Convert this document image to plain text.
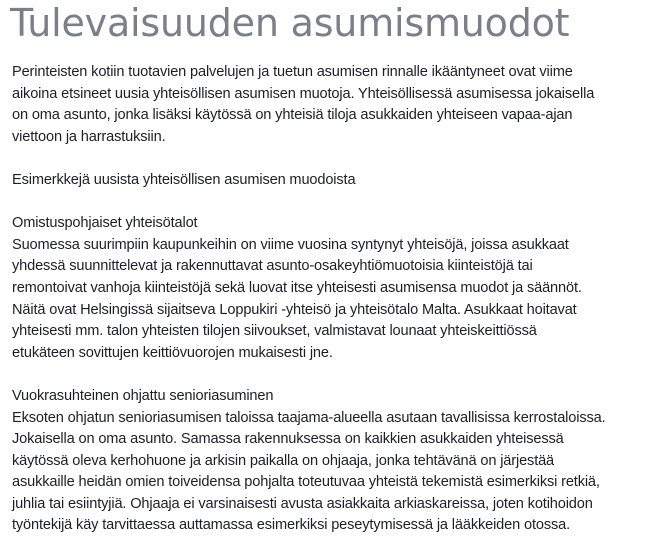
Tulevaisuuden asumismuodot

Perinteisten kotiin tuotavien palvelujen ja tuetun asumisen rinnalle ikääntyneet ovat viime

aikoina etsineet uusia yhteisöllisen asumisen muotoja. Yhteisöllisessä asumisessa jokaisella

on oma asunto, jonka lisäksi käytössä on yhteisiä tiloja asukkaiden yhteiseen vapaa-ajan

viettoon ja harrastuksiin.

Esimerkkejä uusista yhteisöllisen asumisen muodoista

Omistuspohjaiset yhteisötalot

Suomessa suurimpiin kaupunkeihin on viime vuosina syntynyt yhteisöjä, joissa asukkaat

yhdessä suunnittelevat ja rakennuttavat asunto-osakeyhtiömuotoisia kiinteistöjä tai

remontoivat vanhoja kiinteistöjä sekä luovat itse yhteisesti asumisensa muodot ja säännöt.

Näitä ovat Helsingissä sijaitseva Loppukiri -yhteisö ja yhteisötalo Malta. Asukkaat hoitavat

yhteisesti mm. talon yhteisten tilojen siivoukset, valmistavat lounaat yhteiskeittiössä

etukäteen sovittujen keittiövuorojen mukaisesti jne.

Vuokrasuhteinen ohjattu senioriasuminen

Eksoten ohjatun senioriasumisen taloissa taajama-alueella asutaan tavallisissa kerrostaloissa.

Jokaisella on oma asunto. Samassa rakennuksessa on kaikkien asukkaiden yhteisessä

käytössä oleva kerhohuone ja arkisin paikalla on ohjaaja, jonka tehtävänä on järjestää

asukkaille heidän omien toiveidensa pohjalta toteutuvaa yhteistä tekemistä esimerkiksi retkiä,

juhlia tai esiintyjiä. Ohjaaja ei varsinaisesti avusta asiakkaita arkiaskareissa, joten kotihoidon

työntekijä käy tarvittaessa auttamassa esimerkiksi peseytymisessä ja lääkkeiden otossa.
